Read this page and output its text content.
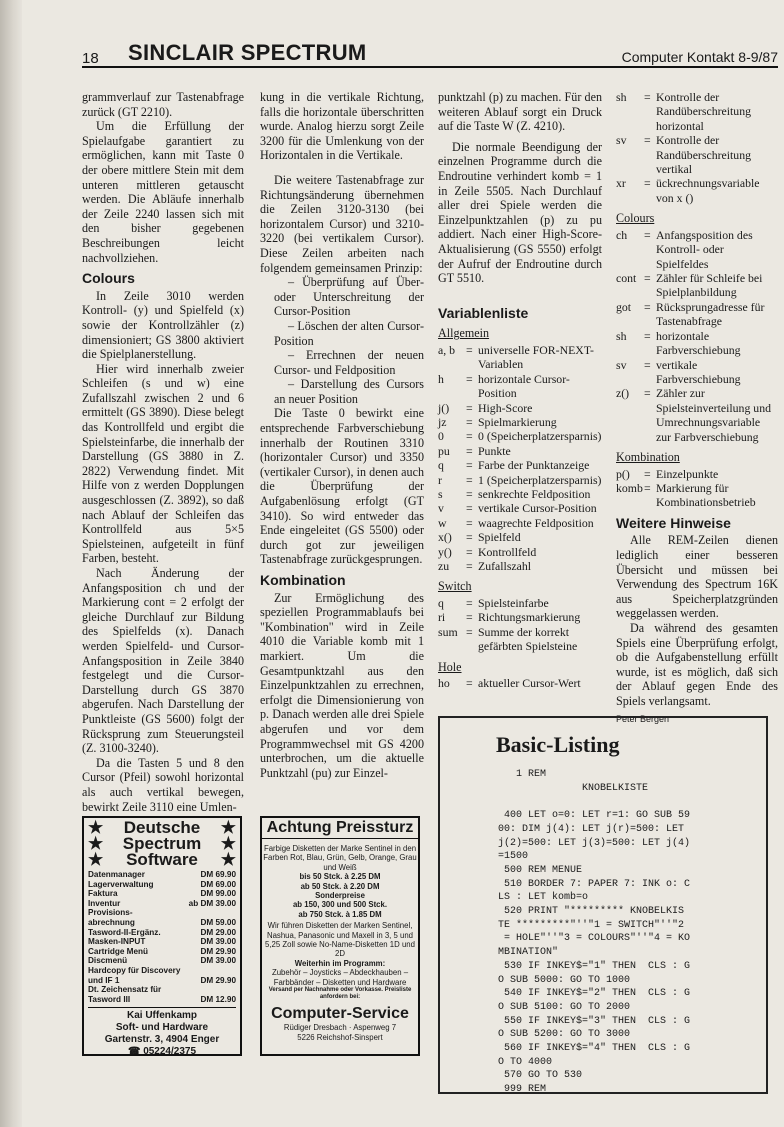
18 SINCLAIR SPECTRUM	Computer Kontakt 8-9/87

grammverlauf zur Tastenabfrage zurück (GT 2210).

Um die Erfüllung der Spielaufgabe garantiert zu ermöglichen, kann mit Taste 0 der obere mittlere Stein mit dem unteren mittleren getauscht werden. Die Abläufe innerhalb der Zeile 2240 lassen sich mit den bisher gegebenen Beschreibungen leicht nachvollziehen.

Colours

In Zeile 3010 werden Kontroll- (y) und Spielfeld (x) sowie der Kontrollzähler (z) dimensioniert; GS 3800 aktiviert die Spielplanerstellung.

Hier wird innerhalb zweier Schleifen (s und w) eine Zufallszahl zwischen 2 und 6 ermittelt (GS 3890). Diese belegt das Kontrollfeld und ergibt die Spielsteinfarbe, die innerhalb der Darstellung (GS 3880 in Z. 2822) Verwendung findet. Mit Hilfe von z werden Dopplungen ausgeschlossen (Z. 3892), so daß nach Ablauf der Schleifen das Kontrollfeld aus 5×5 Spielsteinen, aufgeteilt in fünf Farben, besteht.

Nach Änderung der Anfangsposition ch und der Markierung cont = 2 erfolgt der gleiche Durchlauf zur Bildung des Spielfelds (x). Danach werden Spielfeld- und Cursor-Anfangsposition in Zeile 3840 festgelegt und die Cursor-Darstellung durch GS 3870 abgerufen. Nach Darstellung der Punktleiste (GS 5600) folgt der Rücksprung zum Steuerungsteil (Z. 3100-3240).

Da die Tasten 5 und 8 den Cursor (Pfeil) sowohl horizontal als auch vertikal bewegen, bewirkt Zeile 3110 eine Umlen-

kung in die vertikale Richtung, falls die horizontale überschritten wurde. Analog hierzu sorgt Zeile 3200 für die Umlenkung von der Horizontalen in die Vertikale.

Die weitere Tastenabfrage zur Richtungsänderung übernehmen die Zeilen 3120-3130 (bei horizontalem Cursor) und 3210-3220 (bei vertikalem Cursor). Diese Zeilen arbeiten nach folgendem gemeinsamen Prinzip:

– Überprüfung auf Über- oder Unterschreitung der Cursor-Position

– Löschen der alten Cursor-Position

– Errechnen der neuen Cursor- und Feldposition

– Darstellung des Cursors an neuer Position

Die Taste 0 bewirkt eine entsprechende Farbverschiebung innerhalb der Routinen 3310 (horizontaler Cursor) und 3350 (vertikaler Cursor), in denen auch die Überprüfung der Aufgabenlösung erfolgt (GT 3410). So wird entweder das Ende eingeleitet (GS 5500) oder durch got zur jeweiligen Tastenabfrage zurückgesprungen.

Kombination

Zur Ermöglichung des speziellen Programmablaufs bei "Kombination" wird in Zeile 4010 die Variable komb mit 1 markiert. Um die Gesamtpunktzahl aus den Einzelpunktzahlen zu errechnen, erfolgt die Dimensionierung von p. Danach werden alle drei Spiele abgerufen und vor dem Programmwechsel mit GS 4200 unterbrochen, um die aktuelle Punktzahl (pu) zur Einzel-

punktzahl (p) zu machen. Für den weiteren Ablauf sorgt ein Druck auf die Taste W (Z. 4210).

Die normale Beendigung der einzelnen Programme durch die Endroutine verhindert komb = 1 in Zeile 5505. Nach Durchlauf aller drei Spiele werden die Einzelpunktzahlen (p) zu pu addiert. Nach einer High-Score-Aktualisierung (GS 5550) erfolgt der Aufruf der Endroutine durch GT 5510.

Variablenliste
Allgemein
a, b = universelle FOR-NEXT-Variablen
h	= horizontale Cursor-Position
j()	= High-Score
jz	= Spielmarkierung
0	= 0 (Speicherplatzersparnis)
pu	= Punkte
q	= Farbe der Punktanzeige
r	= 1 (Speicherplatzersparnis)
s	= senkrechte Feldposition
v	= vertikale Cursor-Position
w	= waagrechte Feldposition
x()	= Spielfeld
y()	= Kontrollfeld
zu	= Zufallszahl
Switch
q	= Spielsteinfarbe
ri	= Richtungsmarkierung
sum = Summe der korrekt gefärbten Spielsteine
Hole
ho	= aktueller Cursor-Wert
sh	= Kontrolle der Randüberschreitung horizontal
sv	= Kontrolle der Randüberschreitung vertikal
xr	= ückrechnungsvariable von x ()
Colours
ch	= Anfangsposition des Kontroll- oder Spielfeldes
cont = Zähler für Schleife bei Spielplanbildung
got	= Rücksprungadresse für Tastenabfrage
sh	= horizontale Farbverschiebung
sv	= vertikale Farbverschiebung
z()	= Zähler zur Spielsteinverteilung und Umrechnungsvariable zur Farbverschiebung
Kombination
p()	= Einzelpunkte
komb = Markierung für Kombinationsbetrieb
Weitere Hinweise

Alle REM-Zeilen dienen lediglich einer besseren Übersicht und müssen bei Verwendung des Spectrum 16K aus Speicherplatzgründen weggelassen werden.

Da während des gesamten Spiels eine Überprüfung erfolgt, ob die Aufgabenstellung erfüllt wurde, ist es möglich, daß sich der Ablauf gegen Ende des Spiels verlangsamt.

Peter Bergen
Basic-Listing
1 REM
KNOBELKISTE

400 LET o=0: LET r=1: GO SUB 59
00: DIM j(4): LET j(r)=500: LET
j(2)=500: LET j(3)=500: LET j(4)
=1500
500 REM MENUE
510 BORDER 7: PAPER 7: INK o: C
LS : LET komb=o
520 PRINT "********* KNOBELKIS
TE *********"''"1 = SWITCH"''"2
= HOLE"''"3 = COLOURS"''"4 = KO
MBINATION"
530 IF INKEY$="1" THEN  CLS : G
O SUB 5000: GO TO 1000
540 IF INKEY$="2" THEN  CLS : G
O SUB 5100: GO TO 2000
550 IF INKEY$="3" THEN  CLS : G
O SUB 5200: GO TO 3000
560 IF INKEY$="4" THEN  CLS : G
O TO 4000
570 GO TO 530
999 REM
★ Deutsche ★
★ Spectrum ★
★ Software ★
Datenmanager	DM 69.90
Lagerverwaltung	DM 69.00
Faktura	DM 99.00
Inventur	ab DM 39.00
Provisions-
abrechnung	DM 59.00
Tasword-II-Ergänz.	DM 29.00
Masken-INPUT	DM 39.00
Cartridge Menü	DM 29.90
Discmenü	DM 39.00
Hardcopy für Discovery
und IF 1	DM 29.90
Dt. Zeichensatz für
Tasword III	DM 12.90
Kai Uffenkamp
Soft- und Hardware
Gartenstr. 3, 4904 Enger
☎ 05224/2375
Achtung Preissturz
Farbige Disketten der Marke Sentinel in den Farben Rot, Blau, Grün, Gelb, Orange, Grau und Weiß
bis 50 Stck. à 2.25 DM
ab 50 Stck. à 2.20 DM
Sonderpreise
ab 150, 300 und 500 Stck.
ab 750 Stck. à 1.85 DM
Wir führen Disketten der Marken Sentinel, Nashua, Panasonic und Maxell in 3, 5 und 5,25 Zoll sowie No-Name-Disketten 1D und 2D
Weiterhin im Programm:
Zubehör – Joysticks – Abdeckhauben – Farbbänder – Disketten und Hardware
Versand per Nachnahme oder Vorkasse. Preisliste anfordern bei:
Computer-Service
Rüdiger Dresbach · Aspenweg 7
5226 Reichshof-Sinspert
